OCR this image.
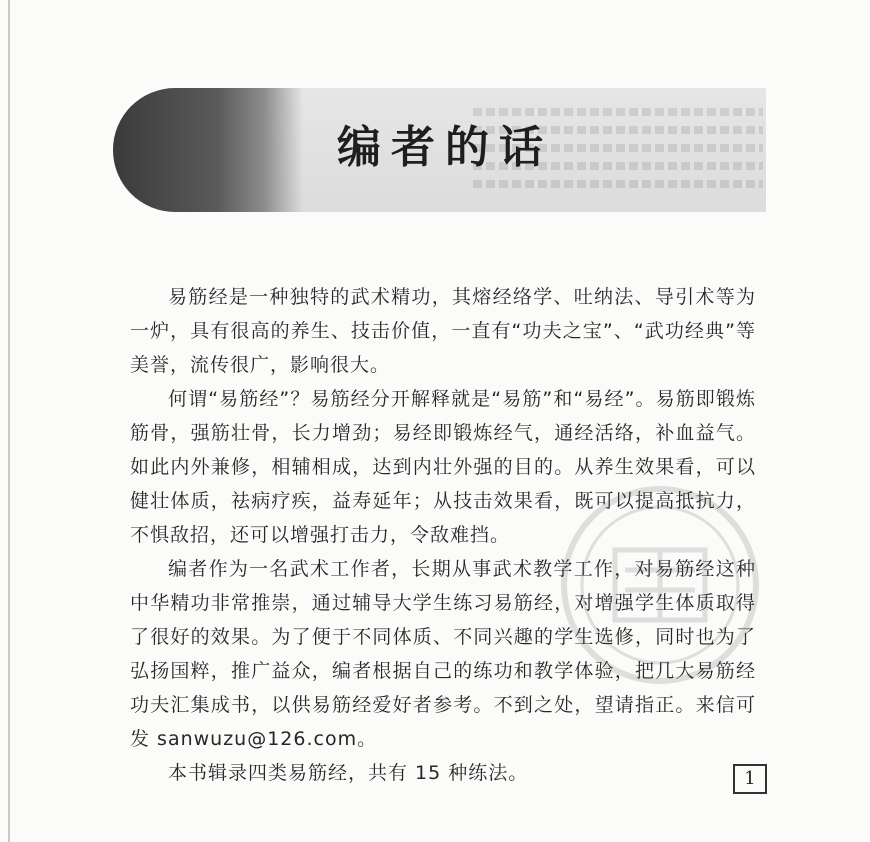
编者的话

易筋经是一种独特的武术精功，其熔经络学、吐纳法、导引术等为一炉，具有很高的养生、技击价值，一直有“功夫之宝”、“武功经典”等美誉，流传很广，影响很大。

何谓“易筋经”？易筋经分开解释就是“易筋”和“易经”。易筋即锻炼筋骨，强筋壮骨，长力增劲；易经即锻炼经气，通经活络，补血益气。如此内外兼修，相辅相成，达到内壮外强的目的。从养生效果看，可以健壮体质，祛病疗疾，益寿延年；从技击效果看，既可以提高抵抗力，不惧敌招，还可以增强打击力，令敌难挡。

编者作为一名武术工作者，长期从事武术教学工作，对易筋经这种中华精功非常推崇，通过辅导大学生练习易筋经，对增强学生体质取得了很好的效果。为了便于不同体质、不同兴趣的学生选修，同时也为了弘扬国粹，推广益众，编者根据自己的练功和教学体验，把几大易筋经功夫汇集成书，以供易筋经爱好者参考。不到之处，望请指正。来信可发 sanwuzu@126.com。

本书辑录四类易筋经，共有 15 种练法。	1
